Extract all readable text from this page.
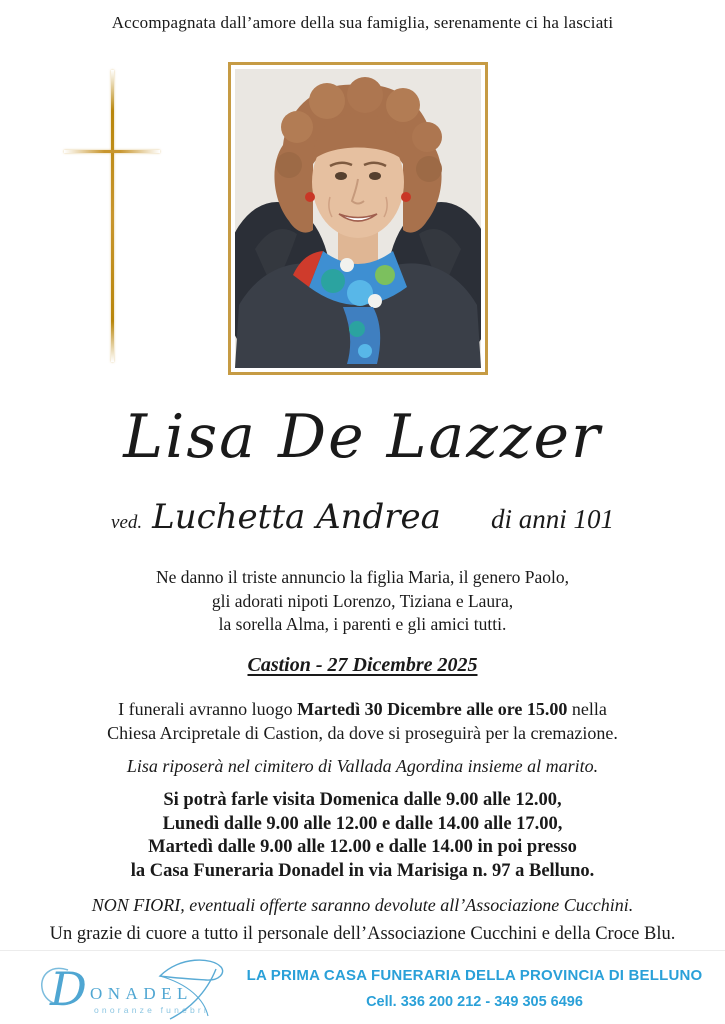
Accompagnata dall’amore della sua famiglia, serenamente ci ha lasciati
Lisa De Lazzer
ved. Luchetta Andrea di anni 101
Ne danno il triste annuncio la figlia Maria, il genero Paolo,
gli adorati nipoti Lorenzo, Tiziana e Laura,
la sorella Alma, i parenti e gli amici tutti.
Castion - 27 Dicembre 2025
I funerali avranno luogo Martedì 30 Dicembre alle ore 15.00 nella
Chiesa Arcipretale di Castion, da dove si proseguirà per la cremazione.
Lisa riposerà nel cimitero di Vallada Agordina insieme al marito.
Si potrà farle visita Domenica dalle 9.00 alle 12.00,
Lunedì dalle 9.00 alle 12.00 e dalle 14.00 alle 17.00,
Martedì dalle 9.00 alle 12.00 e dalle 14.00 in poi presso
la Casa Funeraria Donadel in via Marisiga n. 97 a Belluno.
NON FIORI, eventuali offerte saranno devolute all’Associazione Cucchini.
Un grazie di cuore a tutto il personale dell’Associazione Cucchini e della Croce Blu.
D ONADEL
onoranze funebri
LA PRIMA CASA FUNERARIA DELLA PROVINCIA DI BELLUNO
Cell. 336 200 212 - 349 305 6496
